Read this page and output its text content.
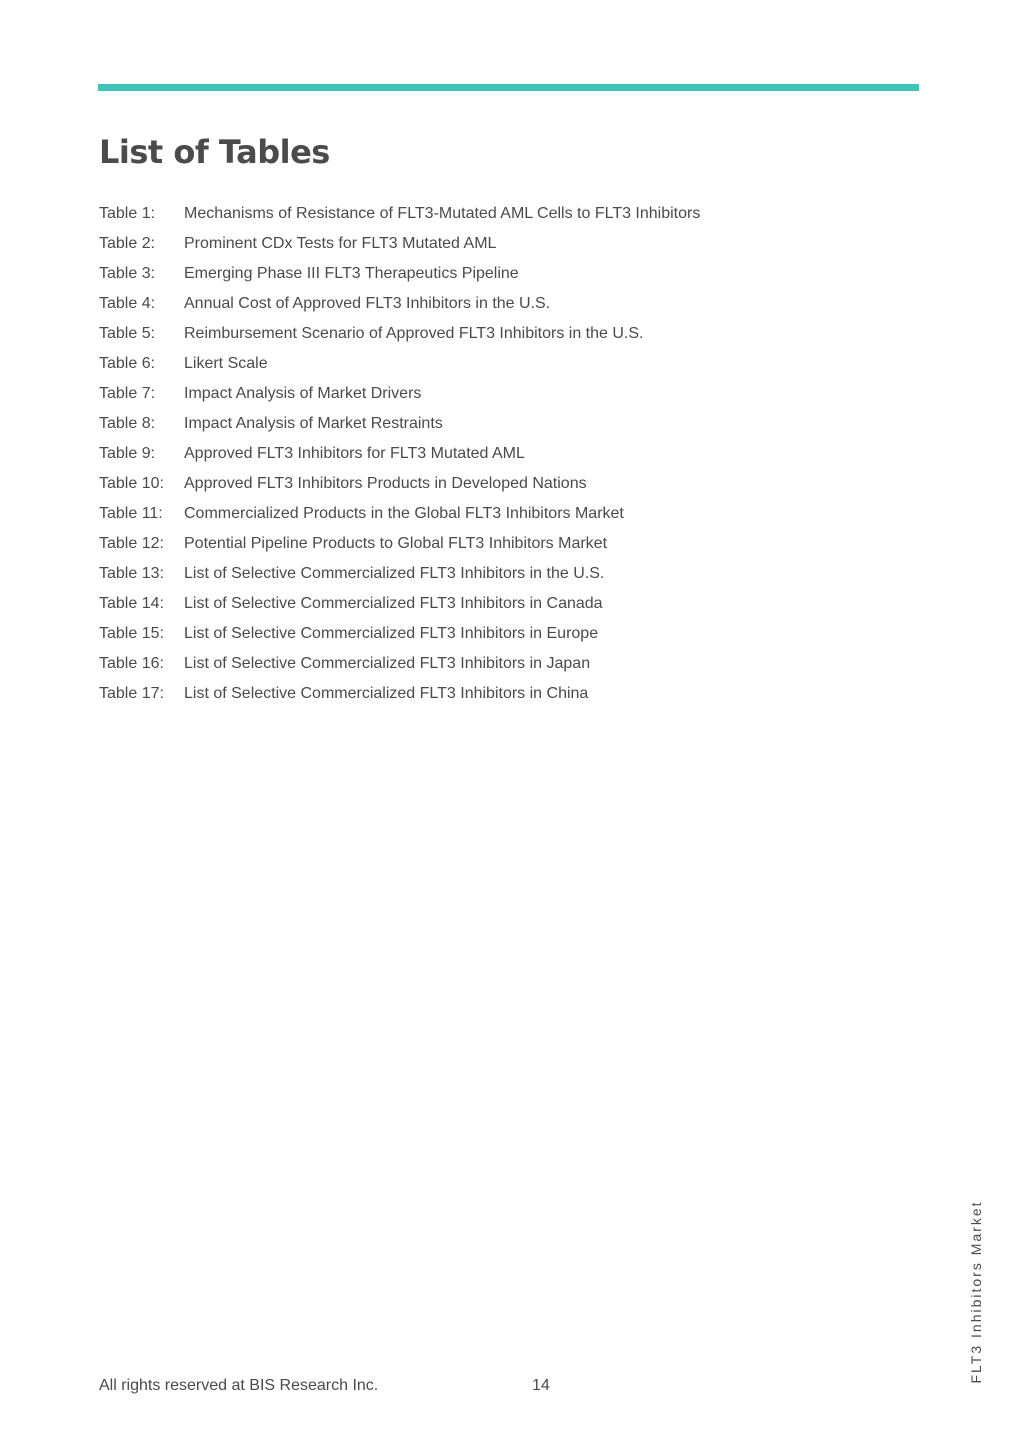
List of Tables
Table 1:	Mechanisms of Resistance of FLT3-Mutated AML Cells to FLT3 Inhibitors
Table 2:	Prominent CDx Tests for FLT3 Mutated AML
Table 3:	Emerging Phase III FLT3 Therapeutics Pipeline
Table 4:	Annual Cost of Approved FLT3 Inhibitors in the U.S.
Table 5:	Reimbursement Scenario of Approved FLT3 Inhibitors in the U.S.
Table 6:	Likert Scale
Table 7:	Impact Analysis of Market Drivers
Table 8:	Impact Analysis of Market Restraints
Table 9:	Approved FLT3 Inhibitors for FLT3 Mutated AML
Table 10:	Approved FLT3 Inhibitors Products in Developed Nations
Table 11:	Commercialized Products in the Global FLT3 Inhibitors Market
Table 12:	Potential Pipeline Products to Global FLT3 Inhibitors Market
Table 13:	List of Selective Commercialized FLT3 Inhibitors in the U.S.
Table 14:	List of Selective Commercialized FLT3 Inhibitors in Canada
Table 15:	List of Selective Commercialized FLT3 Inhibitors in Europe
Table 16:	List of Selective Commercialized FLT3 Inhibitors in Japan
Table 17:	List of Selective Commercialized FLT3 Inhibitors in China
FLT3 Inhibitors Market
All rights reserved at BIS Research Inc.	14
